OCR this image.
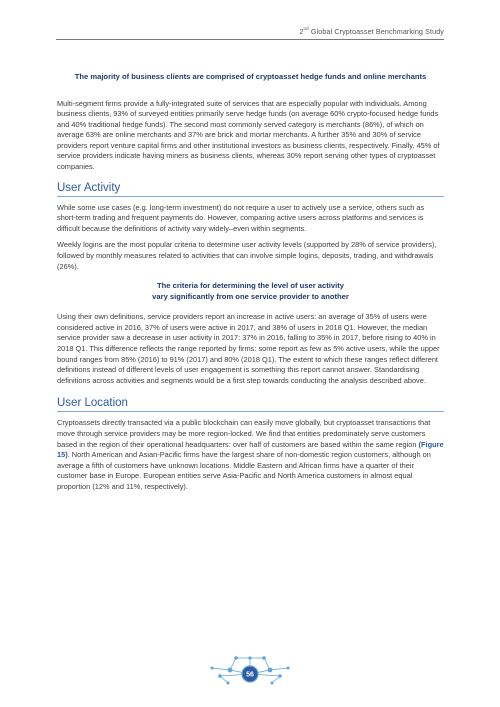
2nd Global Cryptoasset Benchmarking Study
The majority of business clients are comprised of cryptoasset hedge funds and online merchants

Multi-segment firms provide a fully-integrated suite of services that are especially popular with individuals. Among business clients, 93% of surveyed entities primarily serve hedge funds (on average 60% crypto-focused hedge funds and 40% traditional hedge funds). The second most commonly served category is merchants (86%), of which on average 63% are online merchants and 37% are brick and mortar merchants. A further 35% and 30% of service providers report venture capital firms and other institutional investors as business clients, respectively. Finally, 45% of service providers indicate having miners as business clients, whereas 30% report serving other types of cryptoasset companies.

User Activity

While some use cases (e.g. long-term investment) do not require a user to actively use a service, others such as short-term trading and frequent payments do. However, comparing active users across platforms and services is difficult because the definitions of activity vary widely–even within segments.

Weekly logins are the most popular criteria to determine user activity levels (supported by 28% of service providers), followed by monthly measures related to activities that can involve simple logins, deposits, trading, and withdrawals (26%).

The criteria for determining the level of user activity
vary significantly from one service provider to another

Using their own definitions, service providers report an increase in active users: an average of 35% of users were considered active in 2016, 37% of users were active in 2017, and 38% of users in 2018 Q1. However, the median service provider saw a decrease in user activity in 2017: 37% in 2016, falling to 35% in 2017, before rising to 40% in 2018 Q1. This difference reflects the range reported by firms: some report as few as 5% active users, while the upper bound ranges from 85% (2016) to 91% (2017) and 80% (2018 Q1). The extent to which these ranges reflect different definitions instead of different levels of user engagement is something this report cannot answer. Standardising definitions across activities and segments would be a first step towards conducting the analysis described above.

User Location

Cryptoassets directly transacted via a public blockchain can easily move globally, but cryptoasset transactions that move through service providers may be more region-locked. We find that entities predominately serve customers based in the region of their operational headquarters: over half of customers are based within the same region (Figure 15). North American and Asian-Pacific firms have the largest share of non-domestic region customers, although on average a fifth of customers have unknown locations. Middle Eastern and African firms have a quarter of their customer base in Europe. European entities serve Asia-Pacific and North America customers in almost equal proportion (12% and 11%, respectively).

56
